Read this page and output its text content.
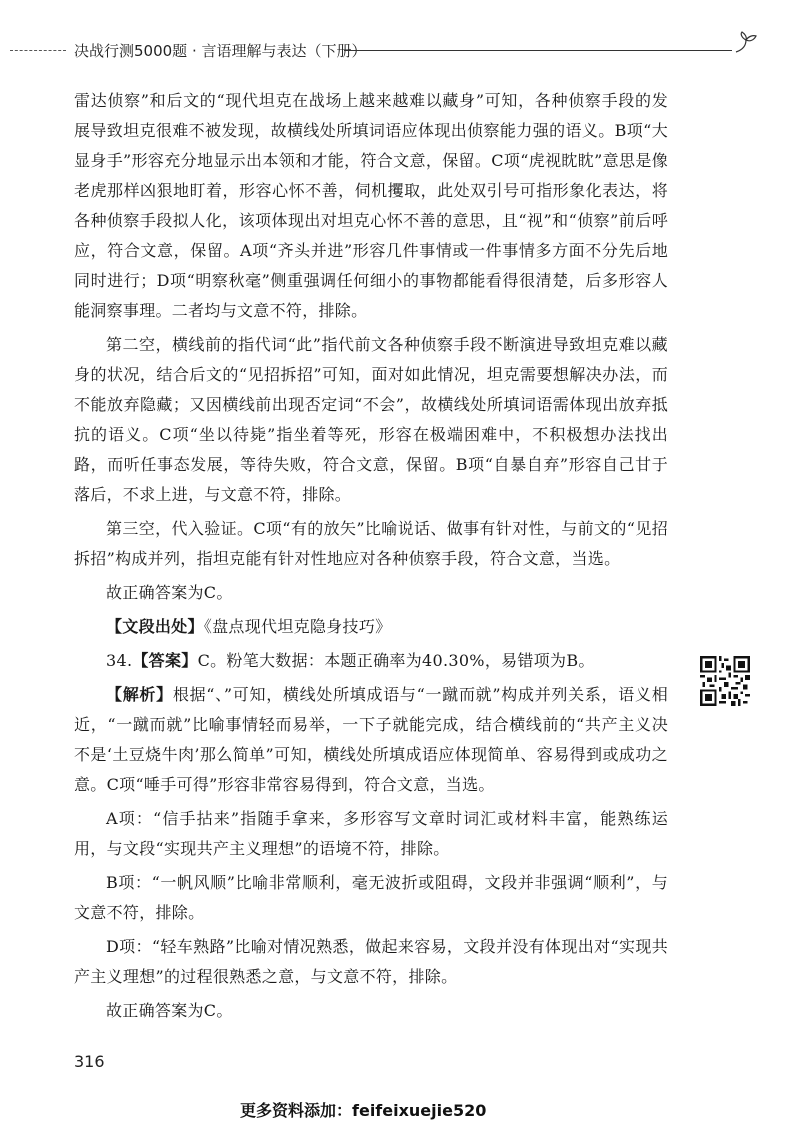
决战行测5000题 · 言语理解与表达（下册）

雷达侦察”和后文的“现代坦克在战场上越来越难以藏身”可知，各种侦察手段的发展导致坦克很难不被发现，故横线处所填词语应体现出侦察能力强的语义。B项“大显身手”形容充分地显示出本领和才能，符合文意，保留。C项“虎视眈眈”意思是像老虎那样凶狠地盯着，形容心怀不善，伺机攫取，此处双引号可指形象化表达，将各种侦察手段拟人化，该项体现出对坦克心怀不善的意思，且“视”和“侦察”前后呼应，符合文意，保留。A项“齐头并进”形容几件事情或一件事情多方面不分先后地同时进行；D项“明察秋毫”侧重强调任何细小的事物都能看得很清楚，后多形容人能洞察事理。二者均与文意不符，排除。

第二空，横线前的指代词“此”指代前文各种侦察手段不断演进导致坦克难以藏身的状况，结合后文的“见招拆招”可知，面对如此情况，坦克需要想解决办法，而不能放弃隐藏；又因横线前出现否定词“不会”，故横线处所填词语需体现出放弃抵抗的语义。C项“坐以待毙”指坐着等死，形容在极端困难中，不积极想办法找出路，而听任事态发展，等待失败，符合文意，保留。B项“自暴自弃”形容自己甘于落后，不求上进，与文意不符，排除。

第三空，代入验证。C项“有的放矢”比喻说话、做事有针对性，与前文的“见招拆招”构成并列，指坦克能有针对性地应对各种侦察手段，符合文意，当选。

故正确答案为C。

【文段出处】《盘点现代坦克隐身技巧》

34.【答案】C。粉笔大数据：本题正确率为40.30%，易错项为B。

【解析】根据“、”可知，横线处所填成语与“一蹴而就”构成并列关系，语义相近，“一蹴而就”比喻事情轻而易举，一下子就能完成，结合横线前的“共产主义决不是‘土豆烧牛肉’那么简单”可知，横线处所填成语应体现简单、容易得到或成功之意。C项“唾手可得”形容非常容易得到，符合文意，当选。

A项：“信手拈来”指随手拿来，多形容写文章时词汇或材料丰富，能熟练运用，与文段“实现共产主义理想”的语境不符，排除。

B项：“一帆风顺”比喻非常顺利，毫无波折或阻碍，文段并非强调“顺利”，与文意不符，排除。

D项：“轻车熟路”比喻对情况熟悉，做起来容易，文段并没有体现出对“实现共产主义理想”的过程很熟悉之意，与文意不符，排除。

故正确答案为C。

316
更多资料添加：feifeixuejie520
